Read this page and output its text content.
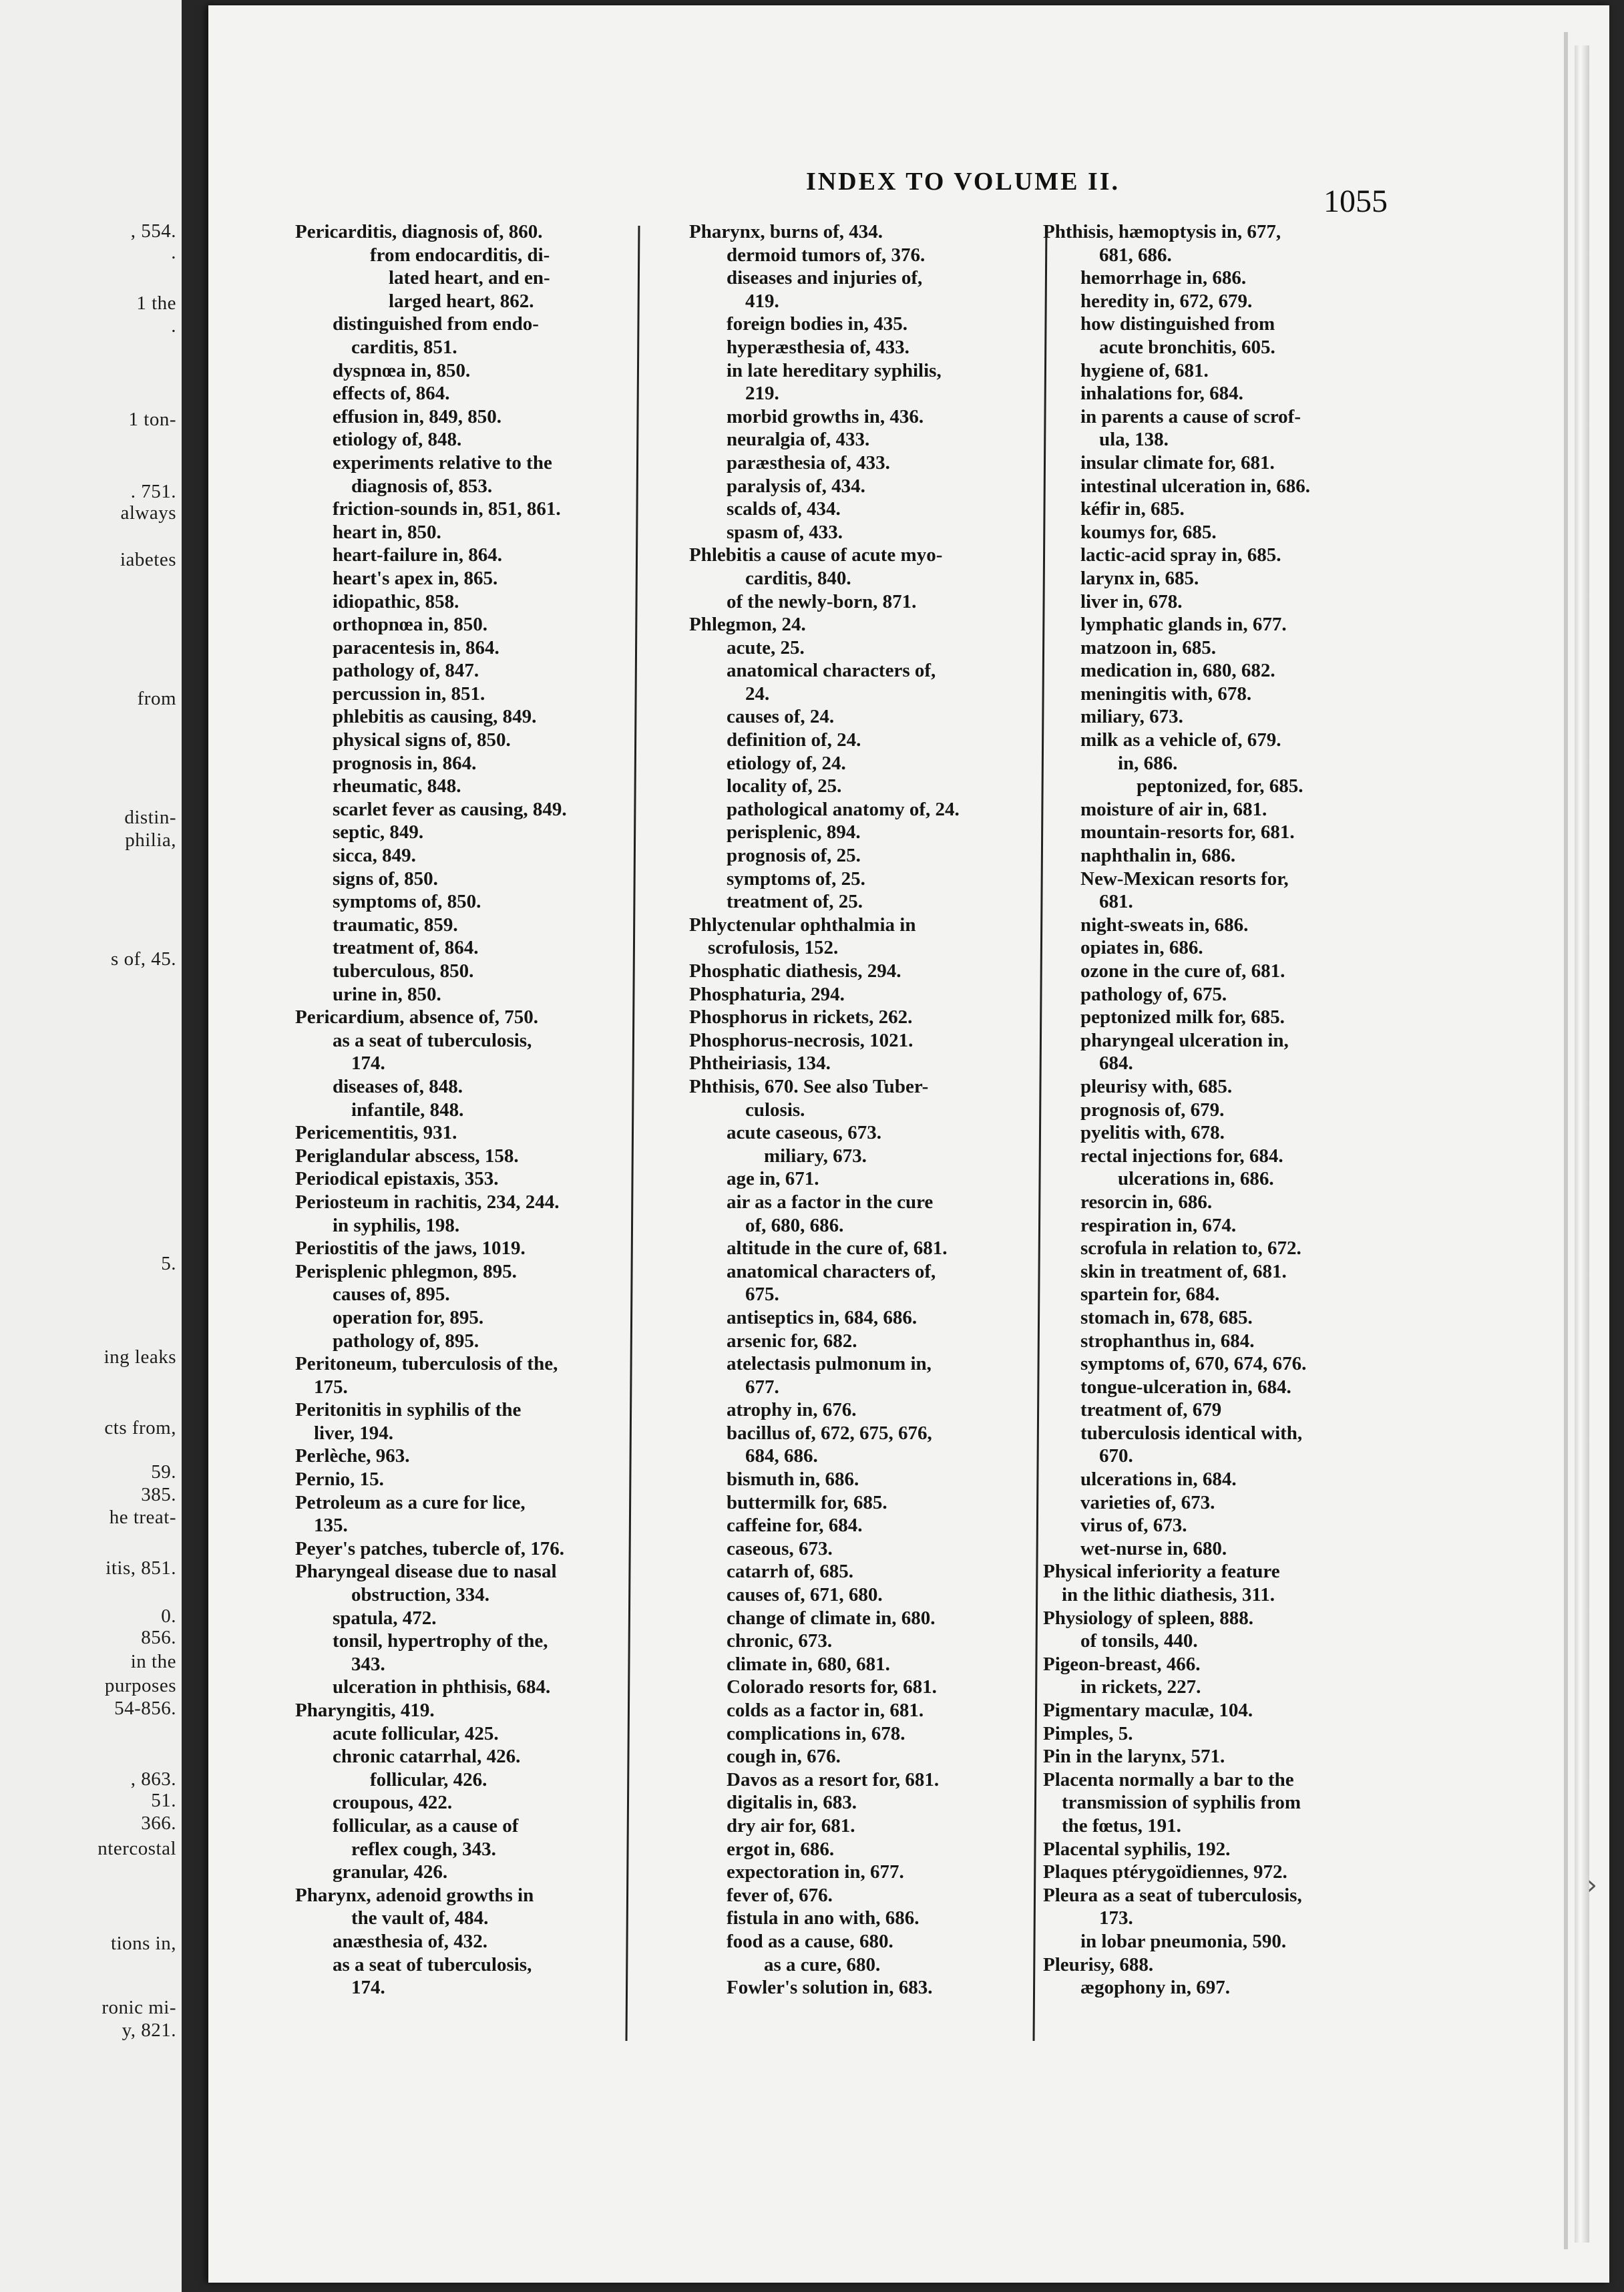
, 554.
.
1 the
.
1 ton-
. 751.
always
iabetes
from
distin-
philia,
s of, 45.
5.
ing leaks
cts from,
59.
385.
he treat-
itis, 851.
0.
856.
in the
purposes
54-856.
, 863.
51.
366.
ntercostal
tions in,
ronic mi-
y, 821.
INDEX TO VOLUME II.
1055
Pericarditis, diagnosis of, 860.
from endocarditis, di-
lated heart, and en-
larged heart, 862.
distinguished from endo-
carditis, 851.
dyspnœa in, 850.
effects of, 864.
effusion in, 849, 850.
etiology of, 848.
experiments relative to the
diagnosis of, 853.
friction-sounds in, 851, 861.
heart in, 850.
heart-failure in, 864.
heart's apex in, 865.
idiopathic, 858.
orthopnœa in, 850.
paracentesis in, 864.
pathology of, 847.
percussion in, 851.
phlebitis as causing, 849.
physical signs of, 850.
prognosis in, 864.
rheumatic, 848.
scarlet fever as causing, 849.
septic, 849.
sicca, 849.
signs of, 850.
symptoms of, 850.
traumatic, 859.
treatment of, 864.
tuberculous, 850.
urine in, 850.
Pericardium, absence of, 750.
as a seat of tuberculosis,
174.
diseases of, 848.
infantile, 848.
Pericementitis, 931.
Periglandular abscess, 158.
Periodical epistaxis, 353.
Periosteum in rachitis, 234, 244.
in syphilis, 198.
Periostitis of the jaws, 1019.
Perisplenic phlegmon, 895.
causes of, 895.
operation for, 895.
pathology of, 895.
Peritoneum, tuberculosis of the,
175.
Peritonitis in syphilis of the
liver, 194.
Perlèche, 963.
Pernio, 15.
Petroleum as a cure for lice,
135.
Peyer's patches, tubercle of, 176.
Pharyngeal disease due to nasal
obstruction, 334.
spatula, 472.
tonsil, hypertrophy of the,
343.
ulceration in phthisis, 684.
Pharyngitis, 419.
acute follicular, 425.
chronic catarrhal, 426.
follicular, 426.
croupous, 422.
follicular, as a cause of
reflex cough, 343.
granular, 426.
Pharynx, adenoid growths in
the vault of, 484.
anæsthesia of, 432.
as a seat of tuberculosis,
174.
Pharynx, burns of, 434.
dermoid tumors of, 376.
diseases and injuries of,
419.
foreign bodies in, 435.
hyperæsthesia of, 433.
in late hereditary syphilis,
219.
morbid growths in, 436.
neuralgia of, 433.
paræsthesia of, 433.
paralysis of, 434.
scalds of, 434.
spasm of, 433.
Phlebitis a cause of acute myo-
carditis, 840.
of the newly-born, 871.
Phlegmon, 24.
acute, 25.
anatomical characters of,
24.
causes of, 24.
definition of, 24.
etiology of, 24.
locality of, 25.
pathological anatomy of, 24.
perisplenic, 894.
prognosis of, 25.
symptoms of, 25.
treatment of, 25.
Phlyctenular ophthalmia in
scrofulosis, 152.
Phosphatic diathesis, 294.
Phosphaturia, 294.
Phosphorus in rickets, 262.
Phosphorus-necrosis, 1021.
Phtheiriasis, 134.
Phthisis, 670. See also Tuber-
culosis.
acute caseous, 673.
miliary, 673.
age in, 671.
air as a factor in the cure
of, 680, 686.
altitude in the cure of, 681.
anatomical characters of,
675.
antiseptics in, 684, 686.
arsenic for, 682.
atelectasis pulmonum in,
677.
atrophy in, 676.
bacillus of, 672, 675, 676,
684, 686.
bismuth in, 686.
buttermilk for, 685.
caffeine for, 684.
caseous, 673.
catarrh of, 685.
causes of, 671, 680.
change of climate in, 680.
chronic, 673.
climate in, 680, 681.
Colorado resorts for, 681.
colds as a factor in, 681.
complications in, 678.
cough in, 676.
Davos as a resort for, 681.
digitalis in, 683.
dry air for, 681.
ergot in, 686.
expectoration in, 677.
fever of, 676.
fistula in ano with, 686.
food as a cause, 680.
as a cure, 680.
Fowler's solution in, 683.
Phthisis, hæmoptysis in, 677,
681, 686.
hemorrhage in, 686.
heredity in, 672, 679.
how distinguished from
acute bronchitis, 605.
hygiene of, 681.
inhalations for, 684.
in parents a cause of scrof-
ula, 138.
insular climate for, 681.
intestinal ulceration in, 686.
kéfir in, 685.
koumys for, 685.
lactic-acid spray in, 685.
larynx in, 685.
liver in, 678.
lymphatic glands in, 677.
matzoon in, 685.
medication in, 680, 682.
meningitis with, 678.
miliary, 673.
milk as a vehicle of, 679.
in, 686.
peptonized, for, 685.
moisture of air in, 681.
mountain-resorts for, 681.
naphthalin in, 686.
New-Mexican resorts for,
681.
night-sweats in, 686.
opiates in, 686.
ozone in the cure of, 681.
pathology of, 675.
peptonized milk for, 685.
pharyngeal ulceration in,
684.
pleurisy with, 685.
prognosis of, 679.
pyelitis with, 678.
rectal injections for, 684.
ulcerations in, 686.
resorcin in, 686.
respiration in, 674.
scrofula in relation to, 672.
skin in treatment of, 681.
spartein for, 684.
stomach in, 678, 685.
strophanthus in, 684.
symptoms of, 670, 674, 676.
tongue-ulceration in, 684.
treatment of, 679
tuberculosis identical with,
670.
ulcerations in, 684.
varieties of, 673.
virus of, 673.
wet-nurse in, 680.
Physical inferiority a feature
in the lithic diathesis, 311.
Physiology of spleen, 888.
of tonsils, 440.
Pigeon-breast, 466.
in rickets, 227.
Pigmentary maculæ, 104.
Pimples, 5.
Pin in the larynx, 571.
Placenta normally a bar to the
transmission of syphilis from
the fœtus, 191.
Placental syphilis, 192.
Plaques ptérygoïdiennes, 972.
Pleura as a seat of tuberculosis,
173.
in lobar pneumonia, 590.
Pleurisy, 688.
ægophony in, 697.
›
